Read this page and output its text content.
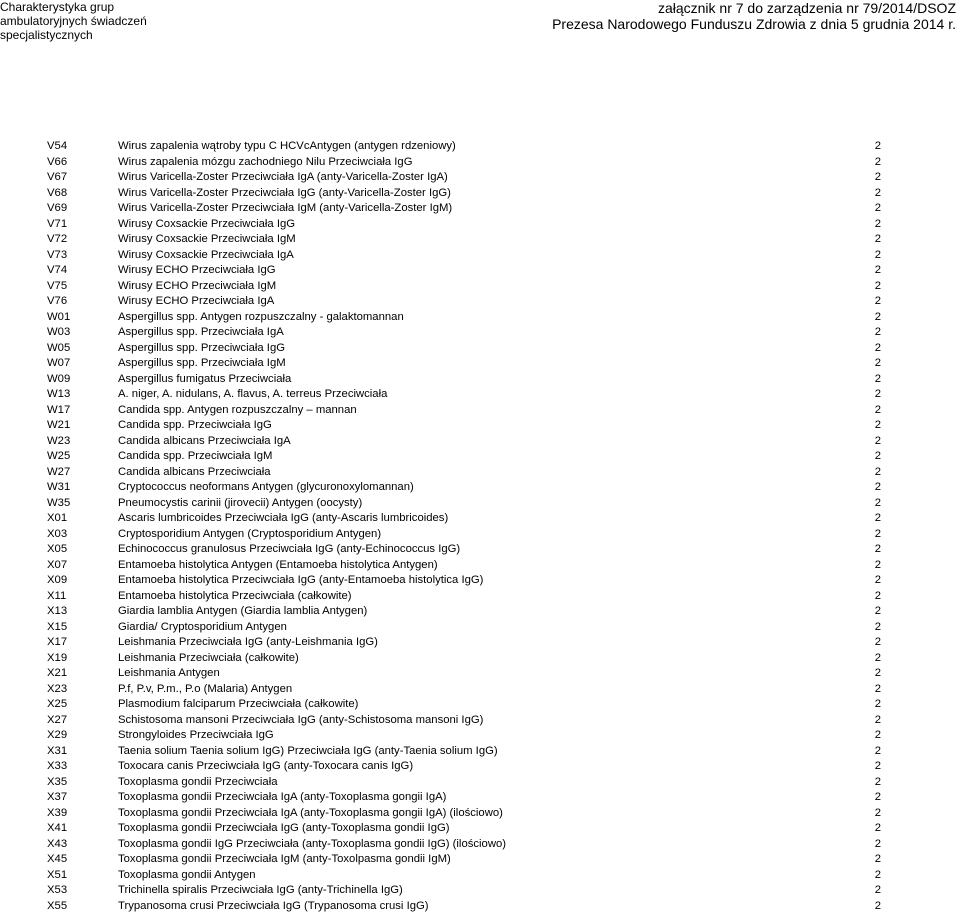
Charakterystyka grup
ambulatoryjnych świadczeń
specjalistycznych
załącznik nr 7 do zarządzenia nr 79/2014/DSOZ
Prezesa Narodowego Funduszu Zdrowia z dnia 5 grudnia 2014 r.
V54	Wirus zapalenia wątroby typu C HCVcAntygen (antygen rdzeniowy)	2
V66	Wirus zapalenia mózgu zachodniego Nilu Przeciwciała IgG	2
V67	Wirus Varicella-Zoster Przeciwciała IgA (anty-Varicella-Zoster IgA)	2
V68	Wirus Varicella-Zoster Przeciwciała IgG (anty-Varicella-Zoster IgG)	2
V69	Wirus Varicella-Zoster Przeciwciała IgM (anty-Varicella-Zoster IgM)	2
V71	Wirusy Coxsackie Przeciwciała IgG	2
V72	Wirusy Coxsackie Przeciwciała IgM	2
V73	Wirusy Coxsackie Przeciwciała IgA	2
V74	Wirusy ECHO Przeciwciała IgG	2
V75	Wirusy ECHO Przeciwciała IgM	2
V76	Wirusy ECHO Przeciwciała IgA	2
W01	Aspergillus spp. Antygen rozpuszczalny - galaktomannan	2
W03	Aspergillus spp. Przeciwciała IgA	2
W05	Aspergillus spp. Przeciwciała IgG	2
W07	Aspergillus spp. Przeciwciała IgM	2
W09	Aspergillus fumigatus Przeciwciała	2
W13	A. niger, A. nidulans, A. flavus, A. terreus Przeciwciała	2
W17	Candida spp. Antygen rozpuszczalny – mannan	2
W21	Candida spp. Przeciwciała IgG	2
W23	Candida albicans Przeciwciała IgA	2
W25	Candida spp. Przeciwciała IgM	2
W27	Candida albicans Przeciwciała	2
W31	Cryptococcus neoformans Antygen (glycuronoxylomannan)	2
W35	Pneumocystis carinii (jirovecii) Antygen (oocysty)	2
X01	Ascaris lumbricoides Przeciwciała IgG (anty-Ascaris lumbricoides)	2
X03	Cryptosporidium Antygen (Cryptosporidium Antygen)	2
X05	Echinococcus granulosus Przeciwciała IgG (anty-Echinococcus IgG)	2
X07	Entamoeba histolytica Antygen (Entamoeba histolytica Antygen)	2
X09	Entamoeba histolytica Przeciwciała IgG (anty-Entamoeba histolytica IgG)	2
X11	Entamoeba histolytica Przeciwciała (całkowite)	2
X13	Giardia lamblia Antygen (Giardia lamblia Antygen)	2
X15	Giardia/ Cryptosporidium Antygen	2
X17	Leishmania Przeciwciała IgG (anty-Leishmania IgG)	2
X19	Leishmania Przeciwciała (całkowite)	2
X21	Leishmania Antygen	2
X23	P.f, P.v, P.m., P.o (Malaria) Antygen	2
X25	Plasmodium falciparum Przeciwciała (całkowite)	2
X27	Schistosoma mansoni Przeciwciała IgG (anty-Schistosoma mansoni IgG)	2
X29	Strongyloides Przeciwciała IgG	2
X31	Taenia solium Taenia solium IgG) Przeciwciała IgG (anty-Taenia solium IgG)	2
X33	Toxocara canis Przeciwciała IgG (anty-Toxocara canis IgG)	2
X35	Toxoplasma gondii Przeciwciała	2
X37	Toxoplasma gondii Przeciwciała IgA (anty-Toxoplasma gongii IgA)	2
X39	Toxoplasma gondii Przeciwciała IgA (anty-Toxoplasma gongii IgA) (ilościowo)	2
X41	Toxoplasma gondii Przeciwciała IgG (anty-Toxoplasma gondii IgG)	2
X43	Toxoplasma gondii IgG Przeciwciała (anty-Toxoplasma gondii IgG) (ilościowo)	2
X45	Toxoplasma gondii Przeciwciała IgM (anty-Toxolpasma gondii IgM)	2
X51	Toxoplasma gondii Antygen	2
X53	Trichinella spiralis Przeciwciała IgG (anty-Trichinella IgG)	2
X55	Trypanosoma crusi Przeciwciała IgG (Trypanosoma crusi IgG)	2
